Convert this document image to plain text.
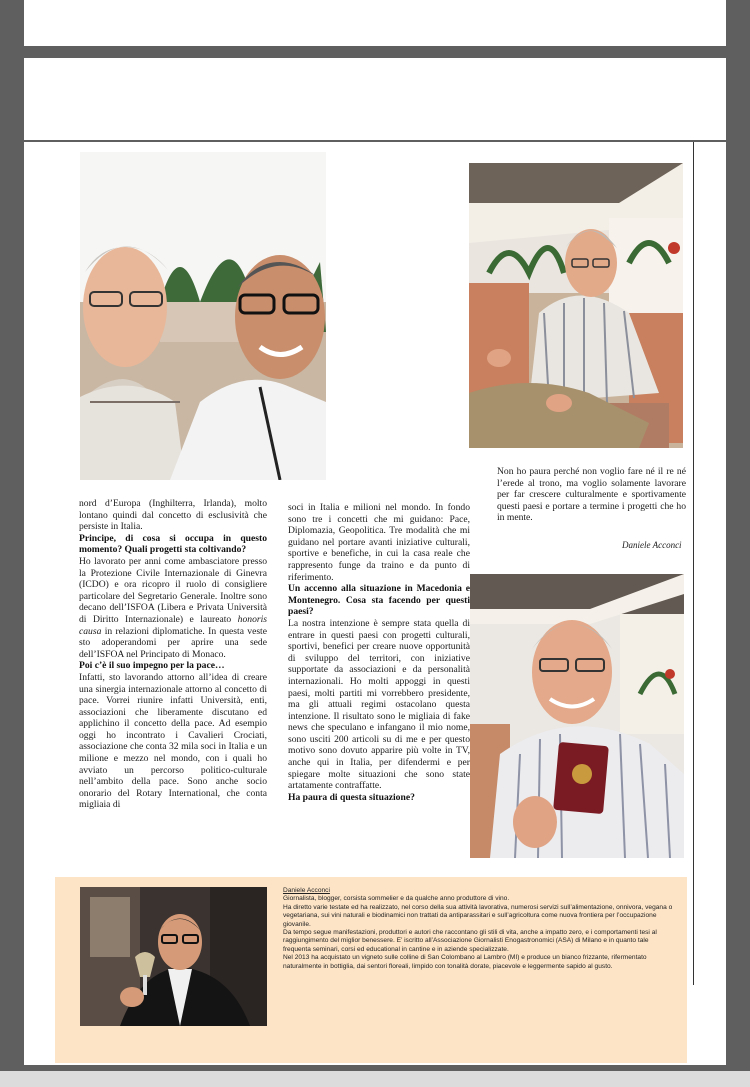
nord d’Europa (Inghilterra, Irlanda), molto lontano quindi dal concetto di esclusività che persiste in Italia.

Principe, di cosa si occupa in questo momento? Quali progetti sta coltivando?

Ho lavorato per anni come ambasciatore presso la Protezione Civile Internazionale di Ginevra (ICDO) e ora ricopro il ruolo di consigliere particolare del Segretario Generale. Inoltre sono decano dell’ISFOA (Libera e Privata Università di Diritto Internazionale) e laureato honoris causa in relazioni diplomatiche. In questa veste sto adoperandomi per aprire una sede dell’ISFOA nel Principato di Monaco.

Poi c’è il suo impegno per la pace…

Infatti, sto lavorando attorno all’idea di creare una sinergia internazionale attorno al concetto di pace. Vorrei riunire infatti Università, enti, associazioni che liberamente discutano ed applichino il concetto della pace. Ad esempio oggi ho incontrato i Cavalieri Crociati, associazione che conta 32 mila soci in Italia e un milione e mezzo nel mondo, con i quali ho avviato un percorso politico-culturale nell’ambito della pace. Sono anche socio onorario del Rotary International, che conta migliaia di

soci in Italia e milioni nel mondo. In fondo sono tre i concetti che mi guidano: Pace, Diplomazia, Geopolitica. Tre modalità che mi guidano nel portare avanti iniziative culturali, sportive e benefiche, in cui la casa reale che rappresento funge da traino e da punto di riferimento.

Un accenno alla situazione in Macedonia e Montenegro. Cosa sta facendo per questi paesi?

La nostra intenzione è sempre stata quella di entrare in questi paesi con progetti culturali, sportivi, benefici per creare nuove opportunità di sviluppo del territori, con iniziative supportate da associazioni e da personalità internazionali. Ho molti appoggi in questi paesi, molti partiti mi vorrebbero presidente, ma gli attuali regimi ostacolano questa intenzione. Il risultato sono le migliaia di fake news che speculano e infangano il mio nome, sono usciti 200 articoli su di me e per questo motivo sono dovuto apparire più volte in TV, anche qui in Italia, per difendermi e per spiegare molte situazioni che sono state artatamente contraffatte.

Ha paura di questa situazione?

Non ho paura perché non voglio fare né il re né l’erede al trono, ma voglio solamente lavorare per far crescere culturalmente e sportivamente questi paesi e portare a termine i progetti che ho in mente.

Daniele Acconci

Daniele Acconci

Giornalista, blogger, corsista sommelier e da qualche anno produttore di vino.

Ha diretto varie testate ed ha realizzato, nel corso della sua attività lavorativa, numerosi servizi sull’alimentazione, onnivora, vegana o vegetariana, sui vini naturali e biodinamici non trattati da antiparassitari e sull’agricoltura come nuova frontiera per l’occupazione giovanile.

Da tempo segue manifestazioni, produttori e autori che raccontano gli stili di vita, anche a impatto zero, e i comportamenti tesi al raggiungimento del miglior benessere. E’ iscritto all’Associazione Giornalisti Enogastronomici (ASA) di Milano e in quanto tale frequenta seminari, corsi ed educational in cantine e in aziende specializzate.

Nel 2013 ha acquistato un vigneto sulle colline di San Colombano al Lambro (MI) e produce un bianco frizzante, rifermentato naturalmente in bottiglia, dai sentori floreali, limpido con tonalità dorate, piacevole e leggermente sapido al gusto.
